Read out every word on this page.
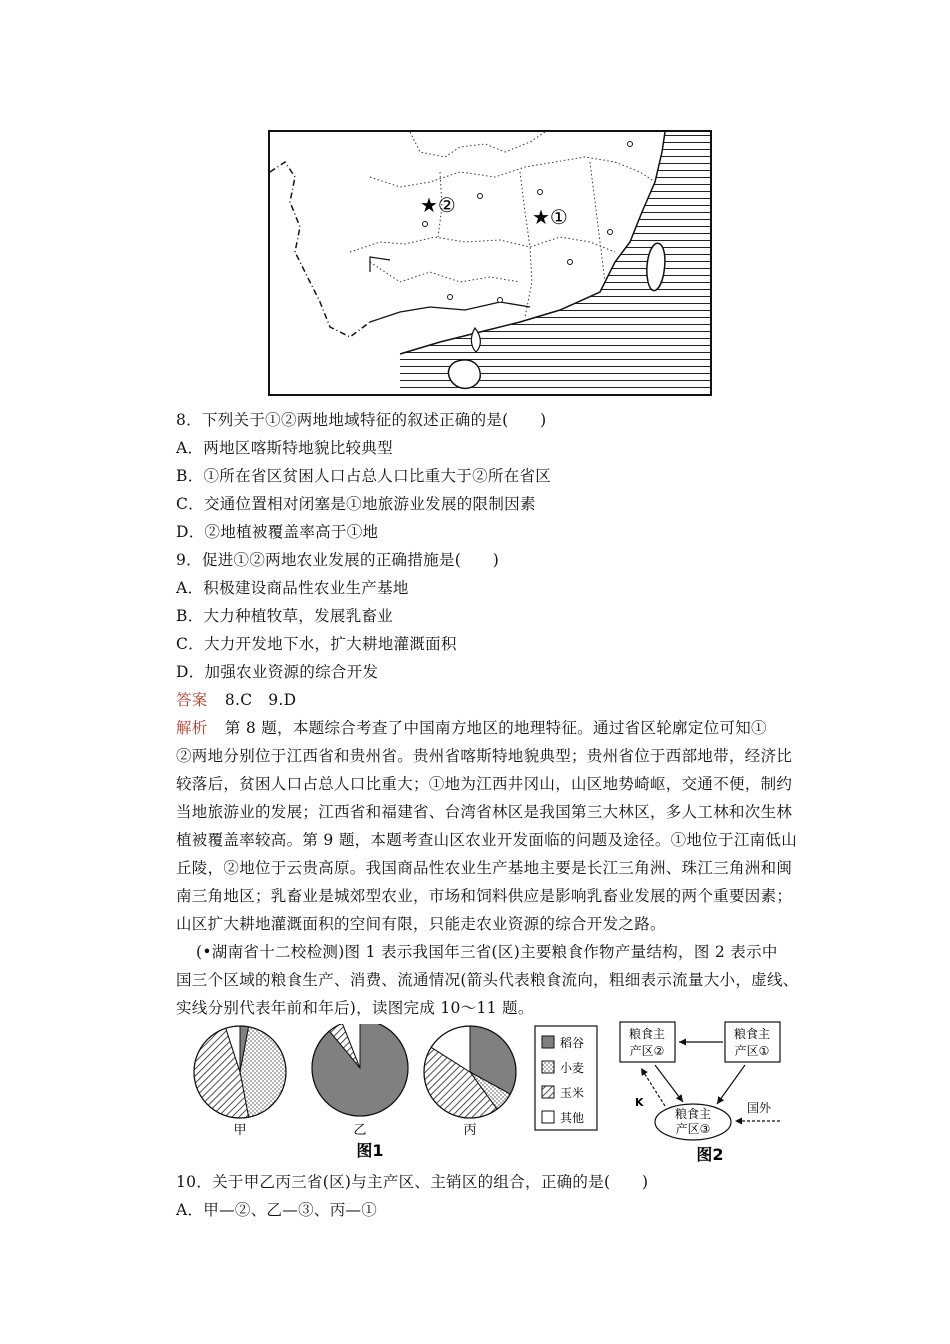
★②	★①
8．下列关于①②两地地域特征的叙述正确的是(　　)
A．两地区喀斯特地貌比较典型
B．①所在省区贫困人口占总人口比重大于②所在省区
C．交通位置相对闭塞是①地旅游业发展的限制因素
D．②地植被覆盖率高于①地
9．促进①②两地农业发展的正确措施是(　　)
A．积极建设商品性农业生产基地
B．大力种植牧草，发展乳畜业
C．大力开发地下水，扩大耕地灌溉面积
D．加强农业资源的综合开发
答案 8.C　9.D
解析 第 8 题，本题综合考查了中国南方地区的地理特征。通过省区轮廓定位可知①
②两地分别位于江西省和贵州省。贵州省喀斯特地貌典型；贵州省位于西部地带，经济比
较落后，贫困人口占总人口比重大；①地为江西井冈山，山区地势崎岖，交通不便，制约
当地旅游业的发展；江西省和福建省、台湾省林区是我国第三大林区，多人工林和次生林
植被覆盖率较高。第 9 题，本题考查山区农业开发面临的问题及途径。①地位于江南低山
丘陵，②地位于云贵高原。我国商品性农业生产基地主要是长江三角洲、珠江三角洲和闽
南三角地区；乳畜业是城郊型农业，市场和饲料供应是影响乳畜业发展的两个重要因素；
山区扩大耕地灌溉面积的空间有限，只能走农业资源的综合开发之路。
(•湖南省十二校检测)图 1 表示我国年三省(区)主要粮食作物产量结构，图 2 表示中
国三个区域的粮食生产、消费、流通情况(箭头代表粮食流向，粗细表示流量大小，虚线、
实线分别代表年前和年后)，读图完成 10～11 题。
甲	乙	丙
稻谷
小麦
玉米
其他
图1
粮食主
产区②
粮食主
产区①
粮食主
产区③
K	国外
图2
10．关于甲乙丙三省(区)与主产区、主销区的组合，正确的是(　　)
A．甲—②、乙—③、丙—①
